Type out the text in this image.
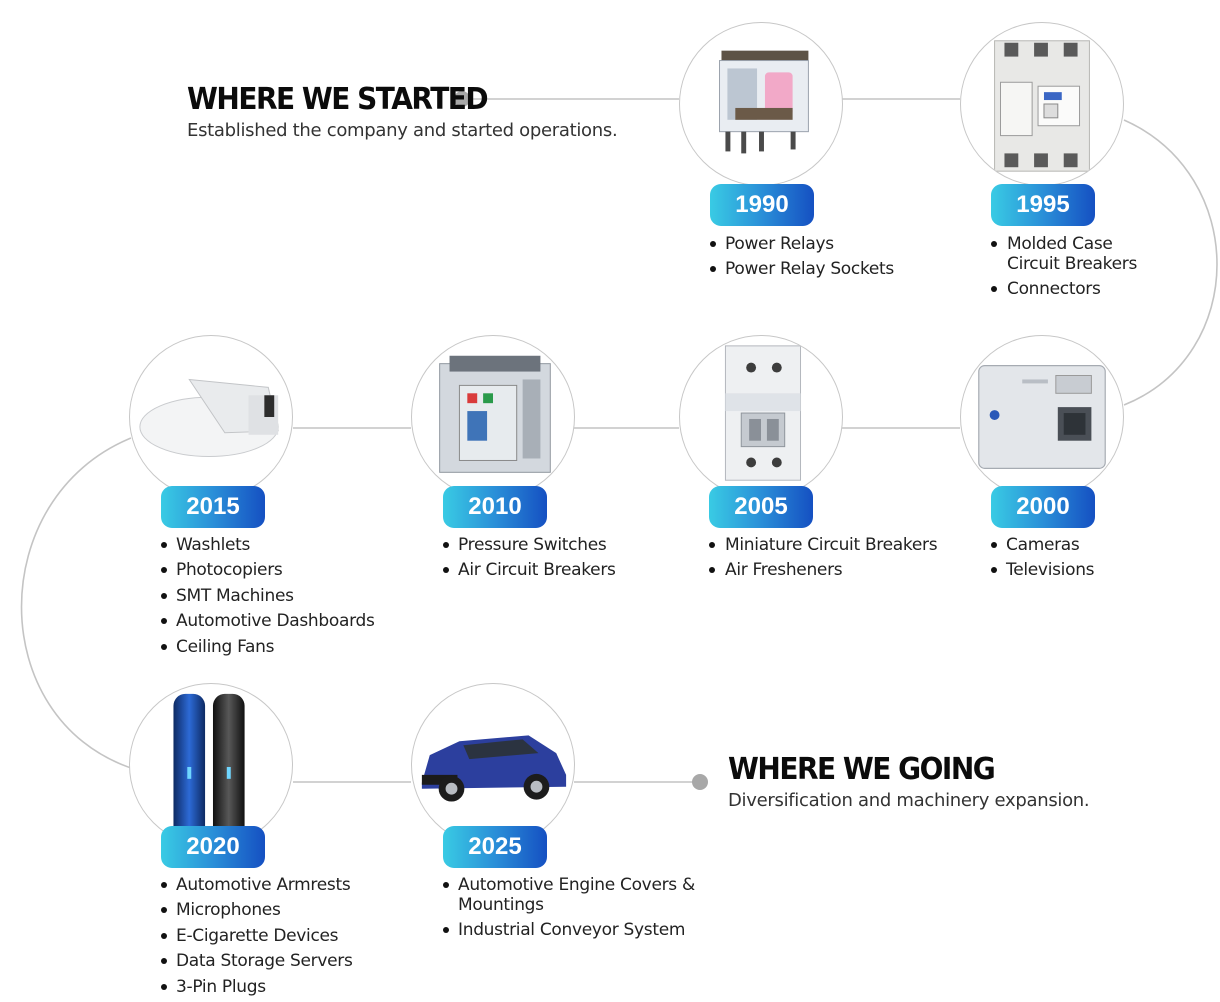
WHERE WE STARTED
Established the company and started operations.
WHERE WE GOING
Diversification and machinery expansion.
1990
Power Relays
Power Relay Sockets
1995
Molded Case Circuit Breakers
Connectors
2000
Cameras
Televisions
2005
Miniature Circuit Breakers
Air Fresheners
2010
Pressure Switches
Air Circuit Breakers
2015
Washlets
Photocopiers
SMT Machines
Automotive Dashboards
Ceiling Fans
2020
Automotive Armrests
Microphones
E-Cigarette Devices
Data Storage Servers
3-Pin Plugs
2025
Automotive Engine Covers & Mountings
Industrial Conveyor System
